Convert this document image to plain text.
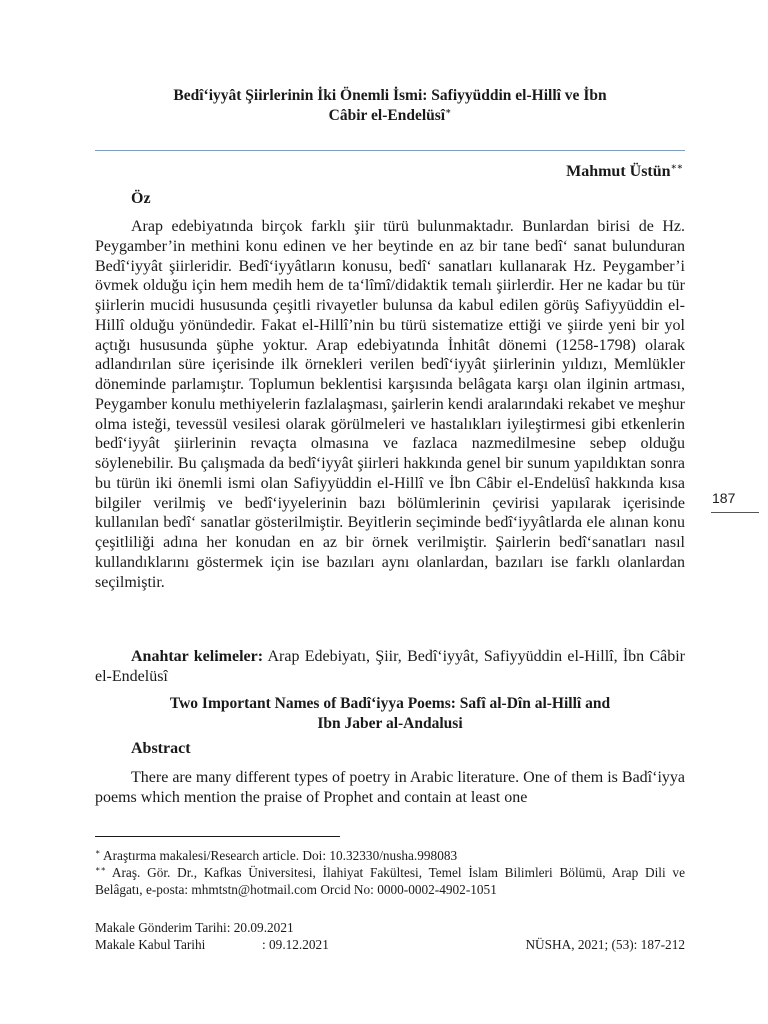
Bedî‘iyyât Şiirlerinin İki Önemli İsmi: Safiyyüddin el-Hillî ve İbn
Câbir el-Endelüsî∗
Mahmut Üstün∗∗
Öz

Arap edebiyatında birçok farklı şiir türü bulunmaktadır. Bunlardan birisi de Hz. Peygamber’in methini konu edinen ve her beytinde en az bir tane bedî‘ sanat bulunduran Bedî‘iyyât şiirleridir. Bedî‘iyyâtların konusu, bedî‘ sanatları kullanarak Hz. Peygamber’i övmek olduğu için hem medih hem de ta‘lîmî/didaktik temalı şiirlerdir. Her ne kadar bu tür şiirlerin mucidi hususunda çeşitli rivayetler bulunsa da kabul edilen görüş Safiyyüddin el-Hillî olduğu yönündedir. Fakat el-Hillî’nin bu türü sistematize ettiği ve şiirde yeni bir yol açtığı hususunda şüphe yoktur. Arap edebiyatında İnhitât dönemi (1258-1798) olarak adlandırılan süre içerisinde ilk örnekleri verilen bedî‘iyyât şiirlerinin yıldızı, Memlükler döneminde parlamıştır. Toplumun beklentisi karşısında belâgata karşı olan ilginin artması, Peygamber konulu methiyelerin fazlalaşması, şairlerin kendi aralarındaki rekabet ve meşhur olma isteği, tevessül vesilesi olarak görülmeleri ve hastalıkları iyileştirmesi gibi etkenlerin bedî‘iyyât şiirlerinin revaçta olmasına ve fazlaca nazmedilmesine sebep olduğu söylenebilir. Bu çalışmada da bedî‘iyyât şiirleri hakkında genel bir sunum yapıldıktan sonra bu türün iki önemli ismi olan Safiyyüddin el-Hillî ve İbn Câbir el-Endelüsî hakkında kısa bilgiler verilmiş ve bedî‘iyyelerinin bazı bölümlerinin çevirisi yapılarak içerisinde kullanılan bedî‘ sanatlar gösterilmiştir. Beyitlerin seçiminde bedî‘iyyâtlarda ele alınan konu çeşitliliği adına her konudan en az bir örnek verilmiştir. Şairlerin bedî‘sanatları nasıl kullandıklarını göstermek için ise bazıları aynı olanlardan, bazıları ise farklı olanlardan seçilmiştir.

Anahtar kelimeler: Arap Edebiyatı, Şiir, Bedî‘iyyât, Safiyyüddin el-Hillî, İbn Câbir el-Endelüsî

Two Important Names of Badî‘iyya Poems: Safî al-Dîn al-Hillî and
Ibn Jaber al-Andalusi
Abstract

There are many different types of poetry in Arabic literature. One of them is Badî‘iyya poems which mention the praise of Prophet and contain at least one

187

∗ Araştırma makalesi/Research article. Doi: 10.32330/nusha.998083

∗∗ Araş. Gör. Dr., Kafkas Üniversitesi, İlahiyat Fakültesi, Temel İslam Bilimleri Bölümü, Arap Dili ve Belâgatı, e-posta: mhmtstn@hotmail.com Orcid No: 0000-0002-4902-1051

Makale Gönderim Tarihi: 20.09.2021
Makale Kabul Tarihi	: 09.12.2021	NÜSHA, 2021; (53): 187-212
